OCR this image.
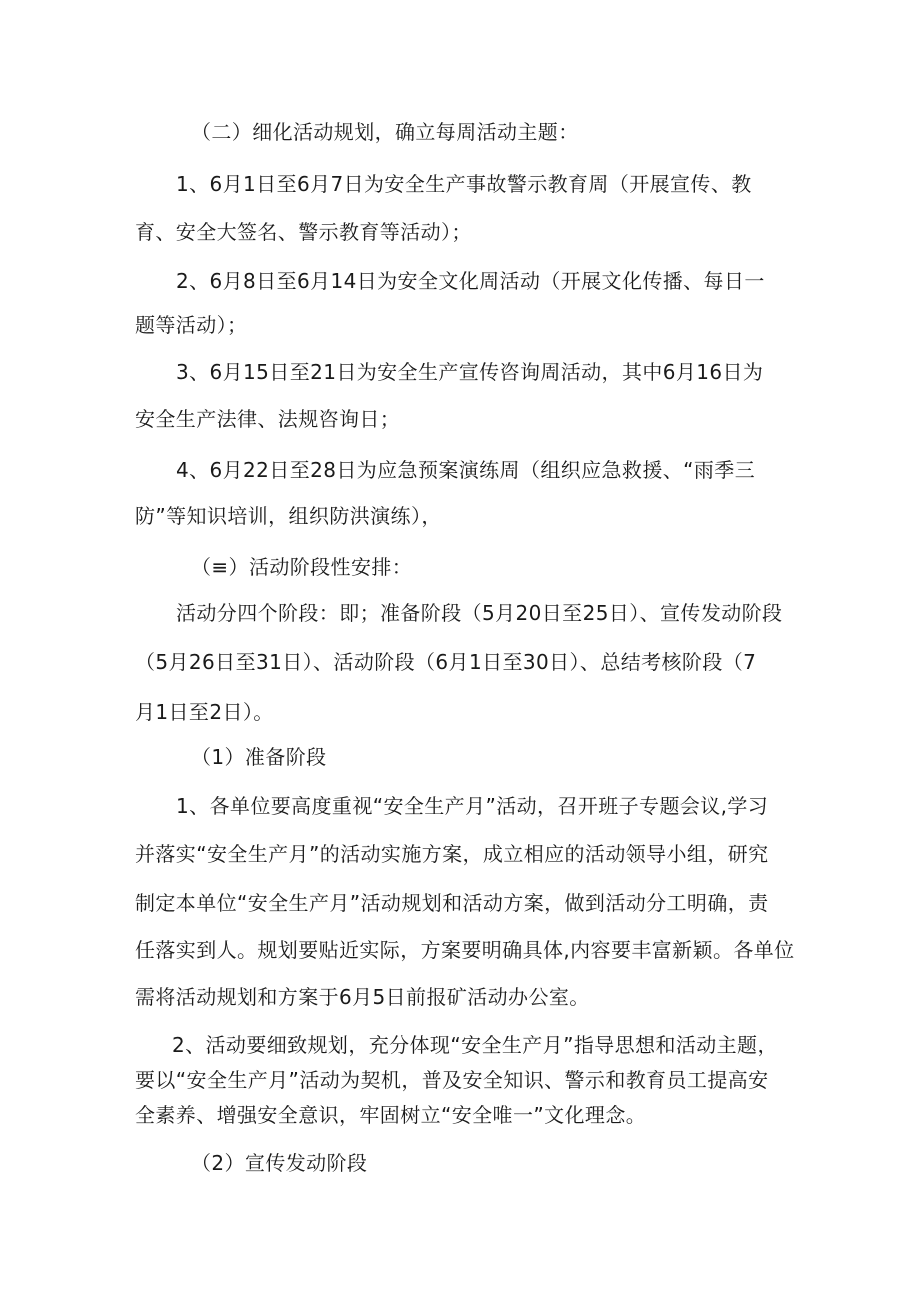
（二）细化活动规划，确立每周活动主题：
1、6月1日至6月7日为安全生产事故警示教育周（开展宣传、教
育、安全大签名、警示教育等活动）；
2、6月8日至6月14日为安全文化周活动（开展文化传播、每日一
题等活动）；
3、6月15日至21日为安全生产宣传咨询周活动，其中6月16日为
安全生产法律、法规咨询日；
4、6月22日至28日为应急预案演练周（组织应急救援、“雨季三
防”等知识培训，组织防洪演练），
（≡）活动阶段性安排：
活动分四个阶段：即；准备阶段（5月20日至25日）、宣传发动阶段
（5月26日至31日）、活动阶段（6月1日至30日）、总结考核阶段（7
月1日至2日）。
（1）准备阶段
1、各单位要高度重视“安全生产月”活动，召开班子专题会议,学习
并落实“安全生产月”的活动实施方案，成立相应的活动领导小组，研究
制定本单位“安全生产月”活动规划和活动方案，做到活动分工明确，责
任落实到人。规划要贴近实际，方案要明确具体,内容要丰富新颖。各单位
需将活动规划和方案于6月5日前报矿活动办公室。
2、活动要细致规划，充分体现“安全生产月”指导思想和活动主题，
要以“安全生产月”活动为契机，普及安全知识、警示和教育员工提高安
全素养、增强安全意识，牢固树立“安全唯一”文化理念。
（2）宣传发动阶段
